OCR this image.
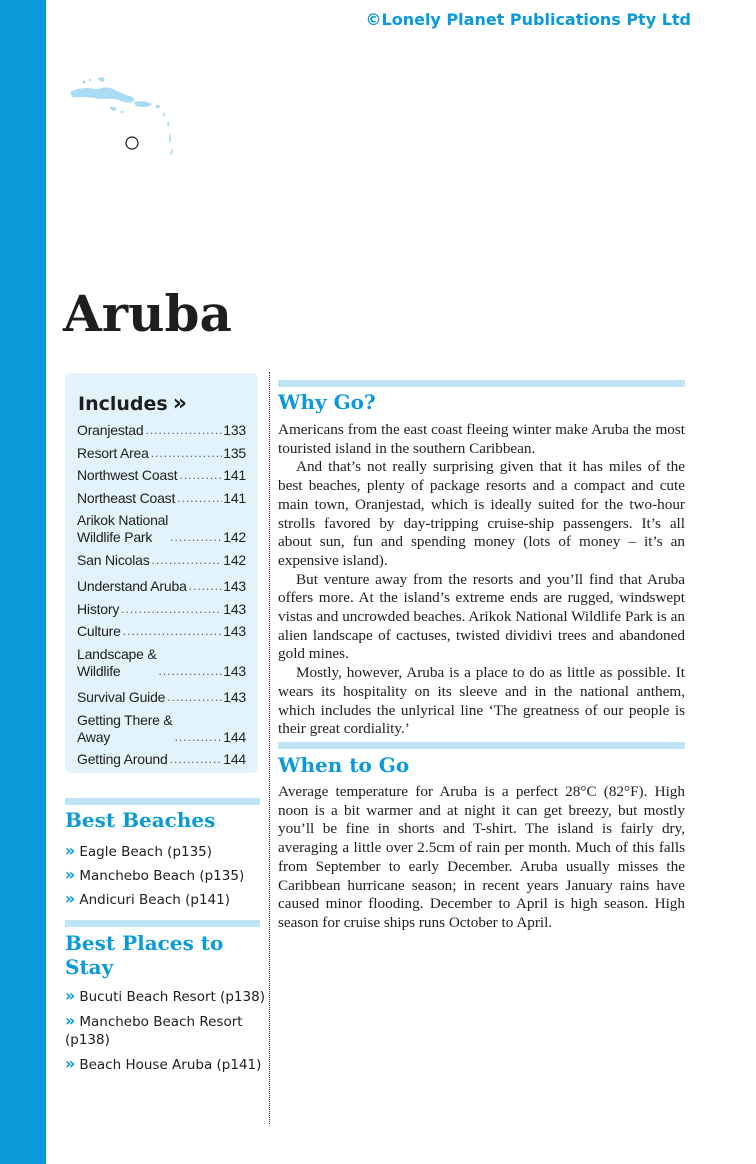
©Lonely Planet Publications Pty Ltd
Aruba
Includes »
Oranjestad .....	133
Resort Area .....	135
Northwest Coast .....	141
Northeast Coast .....	141
Arikok National
Wildlife Park .....	142
San Nicolas .....	142
Understand Aruba .....	143
History .....	143
Culture .....	143
Landscape &
Wildlife .....	143
Survival Guide .....	143
Getting There &
Away .....	144
Getting Around .....	144
Best Beaches
» Eagle Beach (p135)
» Manchebo Beach (p135)
» Andicuri Beach (p141)
Best Places to Stay
» Bucuti Beach Resort (p138)
» Manchebo Beach Resort (p138)
» Beach House Aruba (p141)
Why Go?

Americans from the east coast fleeing winter make Aruba the most touristed island in the southern Caribbean.

And that’s not really surprising given that it has miles of the best beaches, plenty of package resorts and a compact and cute main town, Oranjestad, which is ideally suited for the two-hour strolls favored by day-tripping cruise-ship passengers. It’s all about sun, fun and spending money (lots of money – it’s an expensive island).

But venture away from the resorts and you’ll find that Aruba offers more. At the island’s extreme ends are rugged, windswept vistas and uncrowded beaches. Arikok National Wildlife Park is an alien landscape of cactuses, twisted dividivi trees and abandoned gold mines.

Mostly, however, Aruba is a place to do as little as possible. It wears its hospitality on its sleeve and in the national anthem, which includes the unlyrical line ‘The greatness of our people is their great cordiality.’

When to Go

Average temperature for Aruba is a perfect 28°C (82°F). High noon is a bit warmer and at night it can get breezy, but mostly you’ll be fine in shorts and T-shirt. The island is fairly dry, averaging a little over 2.5cm of rain per month. Much of this falls from September to early December. Aruba usually misses the Caribbean hurricane season; in recent years January rains have caused minor flooding. December to April is high season. High season for cruise ships runs October to April.
